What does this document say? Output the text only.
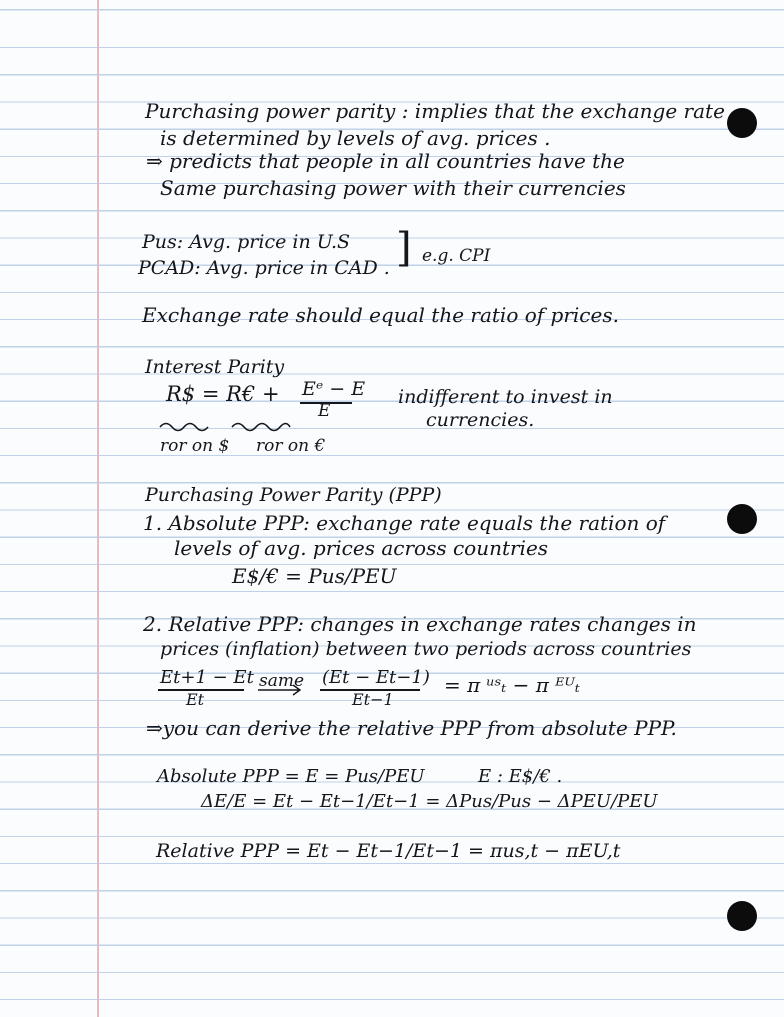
Purchasing power parity : implies that the exchange rate
is determined by levels of avg. prices .
⇒ predicts that people in all countries have the
Same purchasing power with their currencies
Pus: Avg. price in U.S
PCAD: Avg. price in CAD . ] e.g. CPI
Exchange rate should equal the ratio of prices.
Interest Parity
R$ = R€ + Eᵉ − E
E
indifferent to invest in
currencies.
ror on $ ror on €
Purchasing Power Parity (PPP)
1. Absolute PPP: exchange rate equals the ration of
levels of avg. prices across countries
E$/€ = Pus/PEU
2. Relative PPP: changes in exchange rates changes in
prices (inflation) between two periods across countries
Et+1 − Et
Et
same (Et − Et−1)
Et−1
= π ᵘˢₜ − π ᴱᵁₜ
⇒you can derive the relative PPP from absolute PPP.
Absolute PPP = E = Pus/PEU	E : E$/€ .
ΔE/E = Et − Et−1/Et−1 = ΔPus/Pus − ΔPEU/PEU
Relative PPP = Et − Et−1/Et−1 = πus,t − πEU,t
